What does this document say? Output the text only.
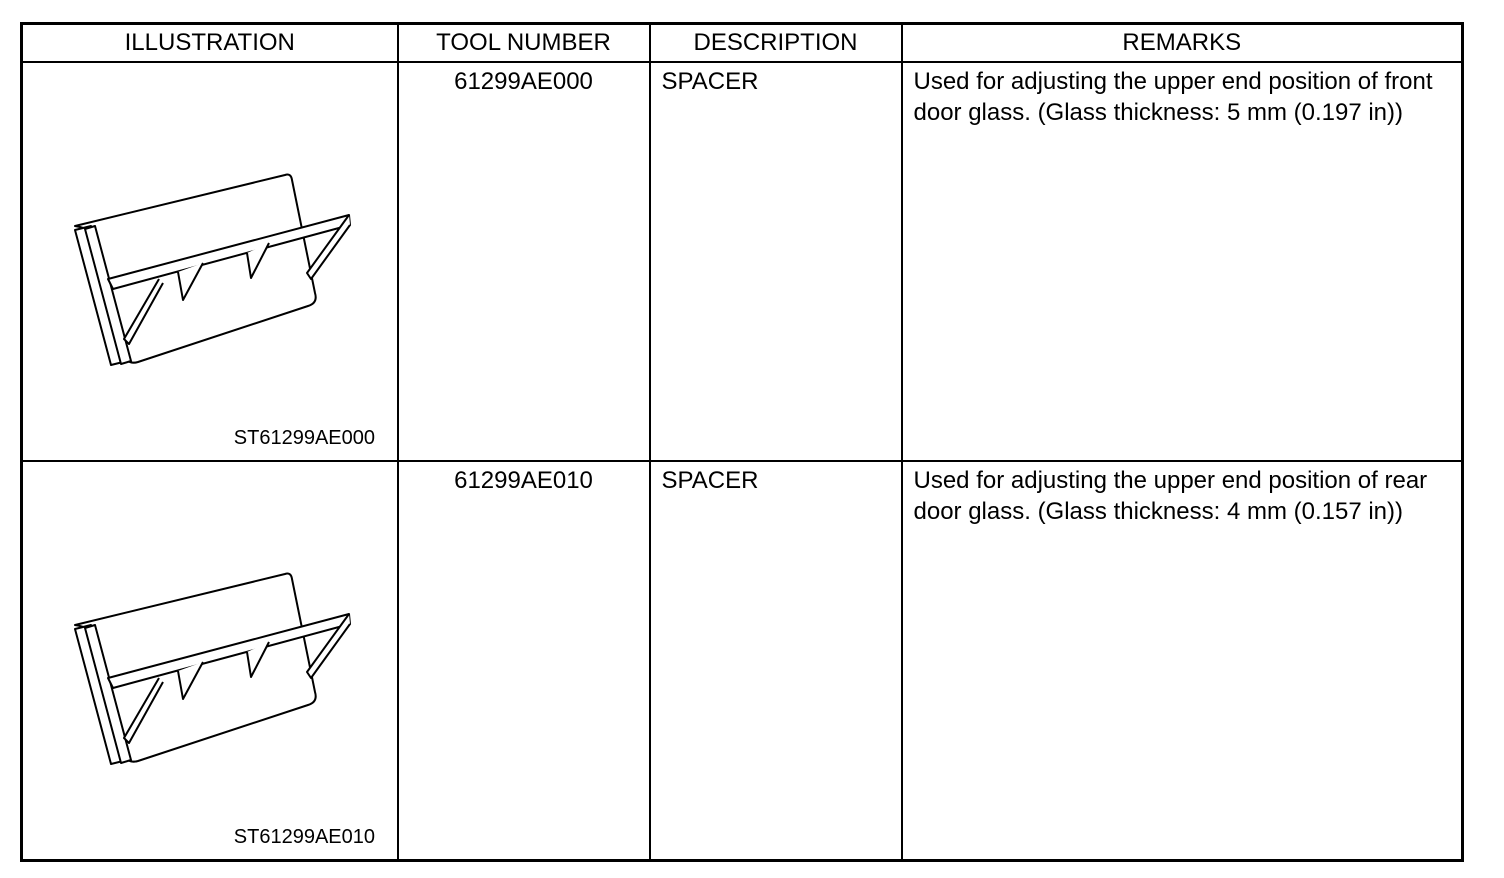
ILLUSTRATION	TOOL NUMBER	DESCRIPTION	REMARKS

ST61299AE000	61299AE000	SPACER	Used for adjusting the upper end position of front door glass. (Glass thickness: 5 mm (0.197 in))

ST61299AE010	61299AE010	SPACER	Used for adjusting the upper end position of rear door glass. (Glass thickness: 4 mm (0.157 in))
